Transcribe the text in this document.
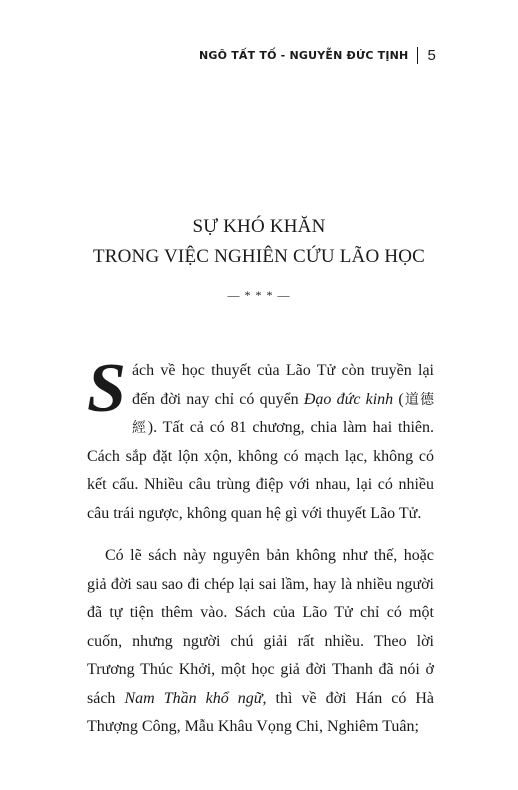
NGÔ TẤT TỐ - NGUYỄN ĐỨC TỊNH 5
SỰ KHÓ KHĂN
TRONG VIỆC NGHIÊN CỨU LÃO HỌC
— * * * —

Sách về học thuyết của Lão Tử còn truyền lại đến đời nay chỉ có quyển Đạo đức kinh (道德經). Tất cả có 81 chương, chia làm hai thiên. Cách sắp đặt lộn xộn, không có mạch lạc, không có kết cấu. Nhiều câu trùng điệp với nhau, lại có nhiều câu trái ngược, không quan hệ gì với thuyết Lão Tử.

Có lẽ sách này nguyên bản không như thế, hoặc giả đời sau sao đi chép lại sai lầm, hay là nhiều người đã tự tiện thêm vào. Sách của Lão Tử chỉ có một cuốn, nhưng người chú giải rất nhiều. Theo lời Trương Thúc Khởi, một học giả đời Thanh đã nói ở sách Nam Thần khổ ngữ, thì về đời Hán có Hà Thượng Công, Mẫu Khâu Vọng Chi, Nghiêm Tuân;
